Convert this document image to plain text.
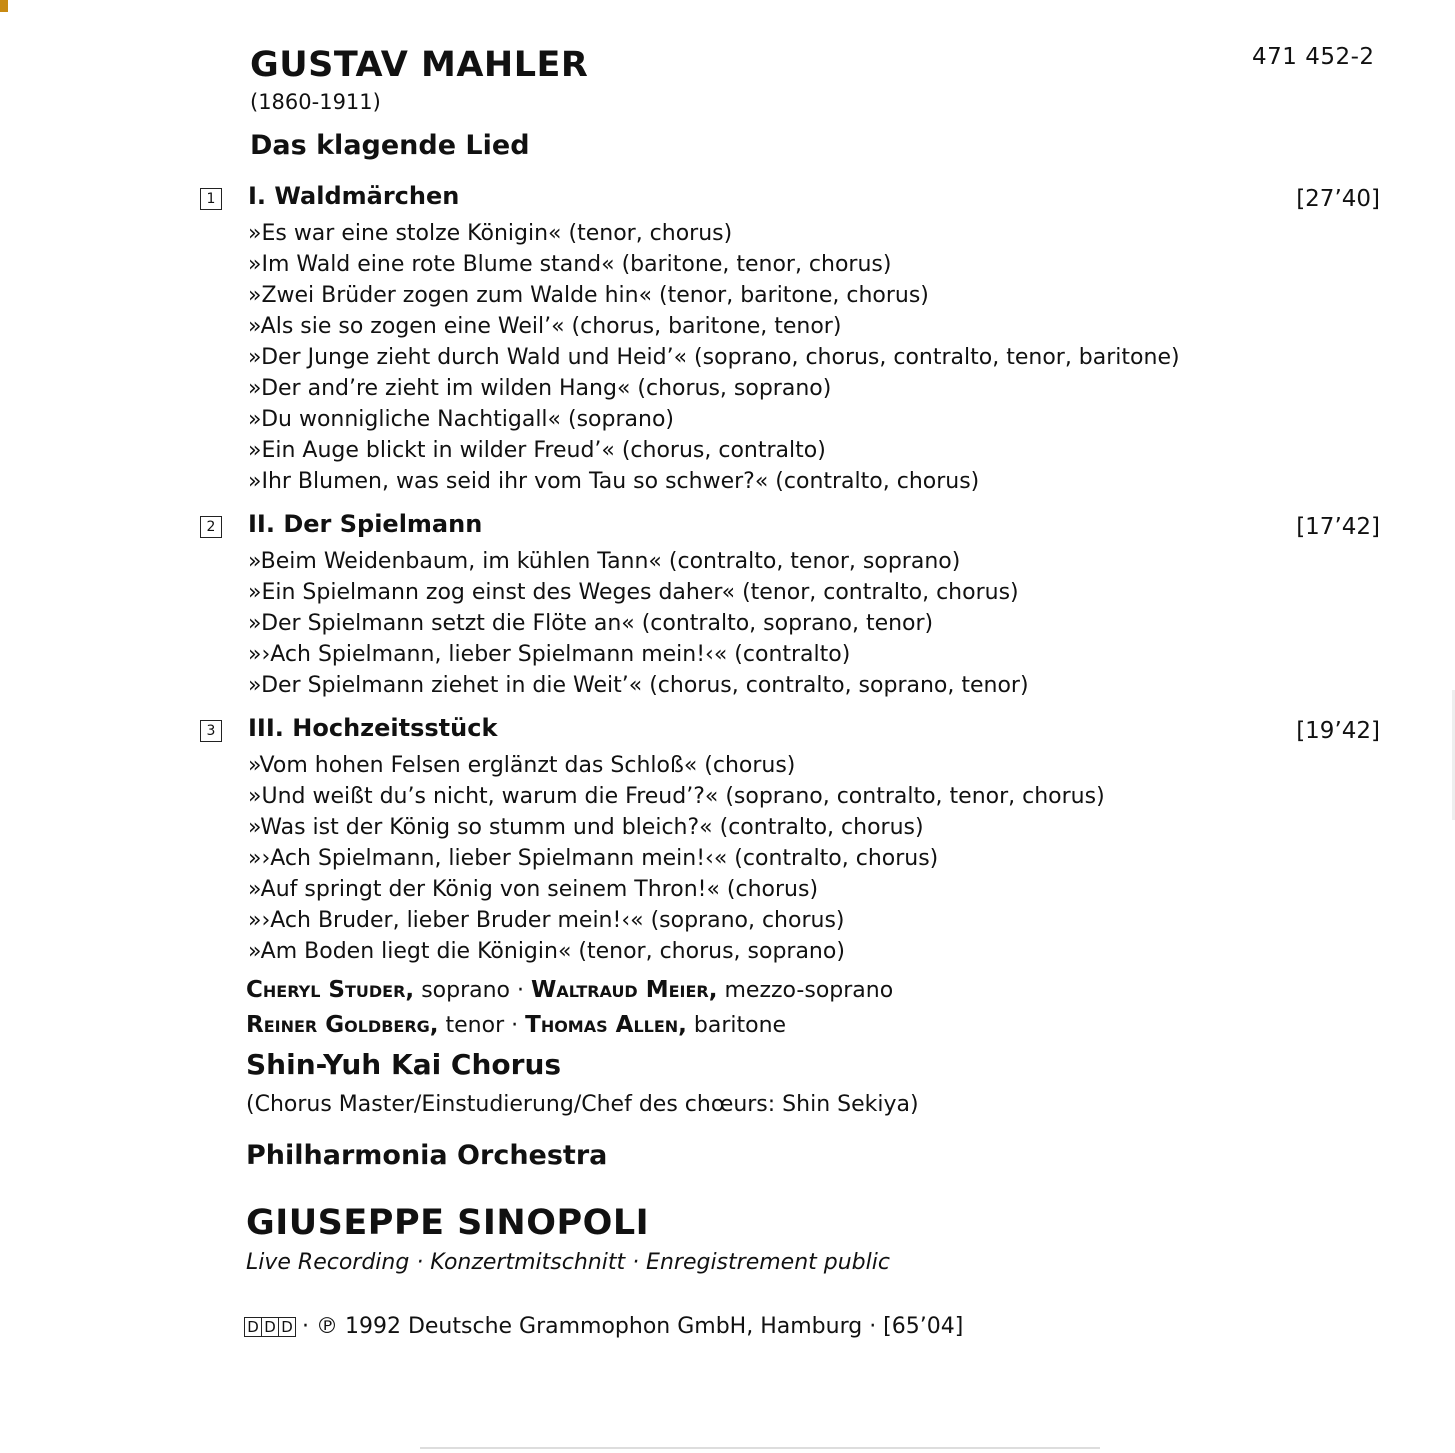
GUSTAV MAHLER
(1860-1911)
471 452-2
Das klagende Lied
1 I. Waldmärchen	[27’40]
»Es war eine stolze Königin« (tenor, chorus)
»Im Wald eine rote Blume stand« (baritone, tenor, chorus)
»Zwei Brüder zogen zum Walde hin« (tenor, baritone, chorus)
»Als sie so zogen eine Weil’« (chorus, baritone, tenor)
»Der Junge zieht durch Wald und Heid’« (soprano, chorus, contralto, tenor, baritone)
»Der and’re zieht im wilden Hang« (chorus, soprano)
»Du wonnigliche Nachtigall« (soprano)
»Ein Auge blickt in wilder Freud’« (chorus, contralto)
»Ihr Blumen, was seid ihr vom Tau so schwer?« (contralto, chorus)
2 II. Der Spielmann	[17’42]
»Beim Weidenbaum, im kühlen Tann« (contralto, tenor, soprano)
»Ein Spielmann zog einst des Weges daher« (tenor, contralto, chorus)
»Der Spielmann setzt die Flöte an« (contralto, soprano, tenor)
»›Ach Spielmann, lieber Spielmann mein!‹« (contralto)
»Der Spielmann ziehet in die Weit’« (chorus, contralto, soprano, tenor)
3 III. Hochzeitsstück	[19’42]
»Vom hohen Felsen erglänzt das Schloß« (chorus)
»Und weißt du’s nicht, warum die Freud’?« (soprano, contralto, tenor, chorus)
»Was ist der König so stumm und bleich?« (contralto, chorus)
»›Ach Spielmann, lieber Spielmann mein!‹« (contralto, chorus)
»Auf springt der König von seinem Thron!« (chorus)
»›Ach Bruder, lieber Bruder mein!‹« (soprano, chorus)
»Am Boden liegt die Königin« (tenor, chorus, soprano)
Cheryl Studer, soprano · Waltraud Meier, mezzo-soprano
Reiner Goldberg, tenor · Thomas Allen, baritone
Shin-Yuh Kai Chorus
(Chorus Master/Einstudierung/Chef des chœurs: Shin Sekiya)
Philharmonia Orchestra
GIUSEPPE SINOPOLI
Live Recording · Konzertmitschnitt · Enregistrement public
D D D · ℗ 1992 Deutsche Grammophon GmbH, Hamburg · [65’04]
